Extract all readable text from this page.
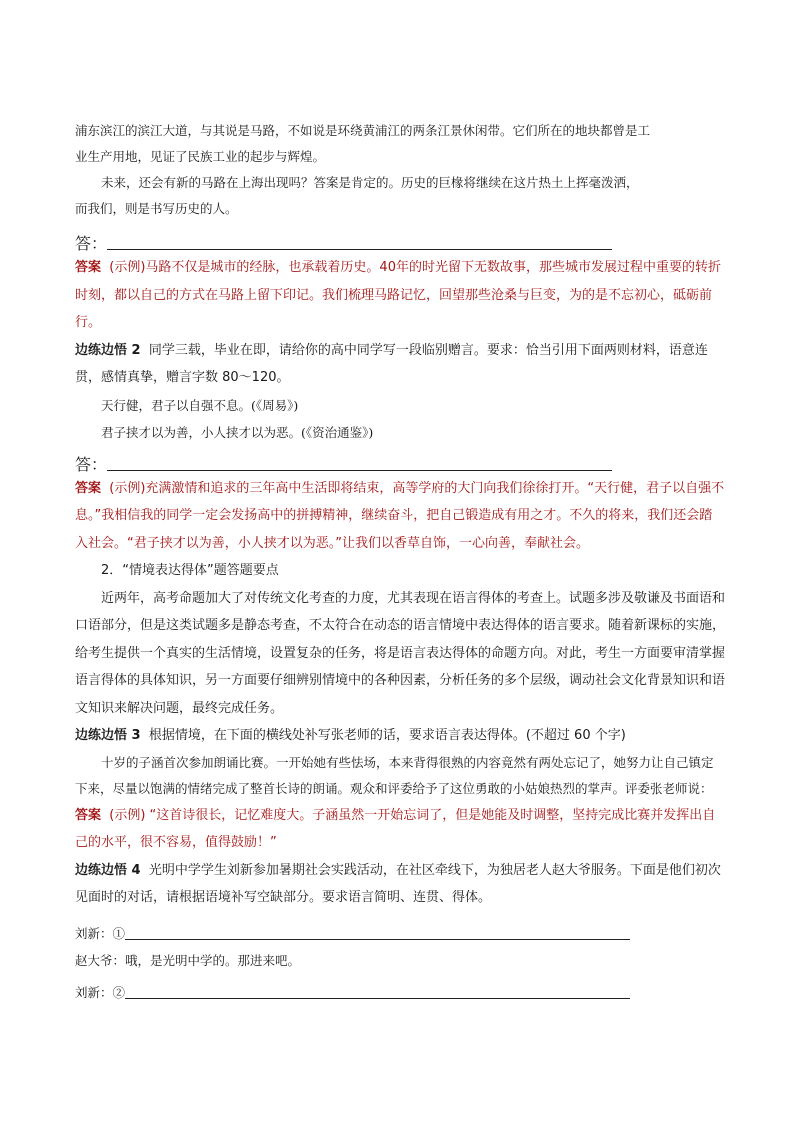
浦东滨江的滨江大道，与其说是马路，不如说是环绕黄浦江的两条江景休闲带。它们所在的地块都曾是工

业生产用地，见证了民族工业的起步与辉煌。

未来，还会有新的马路在上海出现吗？答案是肯定的。历史的巨椽将继续在这片热土上挥毫泼洒，

而我们，则是书写历史的人。

答：

答案 (示例)马路不仅是城市的经脉，也承载着历史。40年的时光留下无数故事，那些城市发展过程中重要的转折时刻，都以自己的方式在马路上留下印记。我们梳理马路记忆，回望那些沧桑与巨变，为的是不忘初心，砥砺前行。

边练边悟 2 同学三载，毕业在即，请给你的高中同学写一段临别赠言。要求：恰当引用下面两则材料，语意连贯，感情真挚，赠言字数 80～120。

天行健，君子以自强不息。(《周易》)

君子挟才以为善，小人挟才以为恶。(《资治通鉴》)

答：

答案 (示例)充满激情和追求的三年高中生活即将结束，高等学府的大门向我们徐徐打开。“天行健，君子以自强不息。”我相信我的同学一定会发扬高中的拼搏精神，继续奋斗，把自己锻造成有用之才。不久的将来，我们还会踏入社会。“君子挟才以为善，小人挟才以为恶。”让我们以香草自饰，一心向善，奉献社会。

2．“情境表达得体”题答题要点

近两年，高考命题加大了对传统文化考查的力度，尤其表现在语言得体的考查上。试题多涉及敬谦及书面语和口语部分，但是这类试题多是静态考查，不太符合在动态的语言情境中表达得体的语言要求。随着新课标的实施，给考生提供一个真实的生活情境，设置复杂的任务，将是语言表达得体的命题方向。对此，考生一方面要审清掌握语言得体的具体知识，另一方面要仔细辨别情境中的各种因素，分析任务的多个层级，调动社会文化背景知识和语文知识来解决问题，最终完成任务。

边练边悟 3 根据情境，在下面的横线处补写张老师的话，要求语言表达得体。(不超过 60 个字)

十岁的子涵首次参加朗诵比赛。一开始她有些怯场，本来背得很熟的内容竟然有两处忘记了，她努力让自己镇定下来，尽量以饱满的情绪完成了整首长诗的朗诵。观众和评委给予了这位勇敢的小姑娘热烈的掌声。评委张老师说：

答案 (示例) “这首诗很长，记忆难度大。子涵虽然一开始忘词了，但是她能及时调整，坚持完成比赛并发挥出自己的水平，很不容易，值得鼓励！”

边练边悟 4 光明中学学生刘新参加暑期社会实践活动，在社区牵线下，为独居老人赵大爷服务。下面是他们初次见面时的对话，请根据语境补写空缺部分。要求语言简明、连贯、得体。

刘新：①
赵大爷：哦，是光明中学的。那进来吧。
刘新：②
